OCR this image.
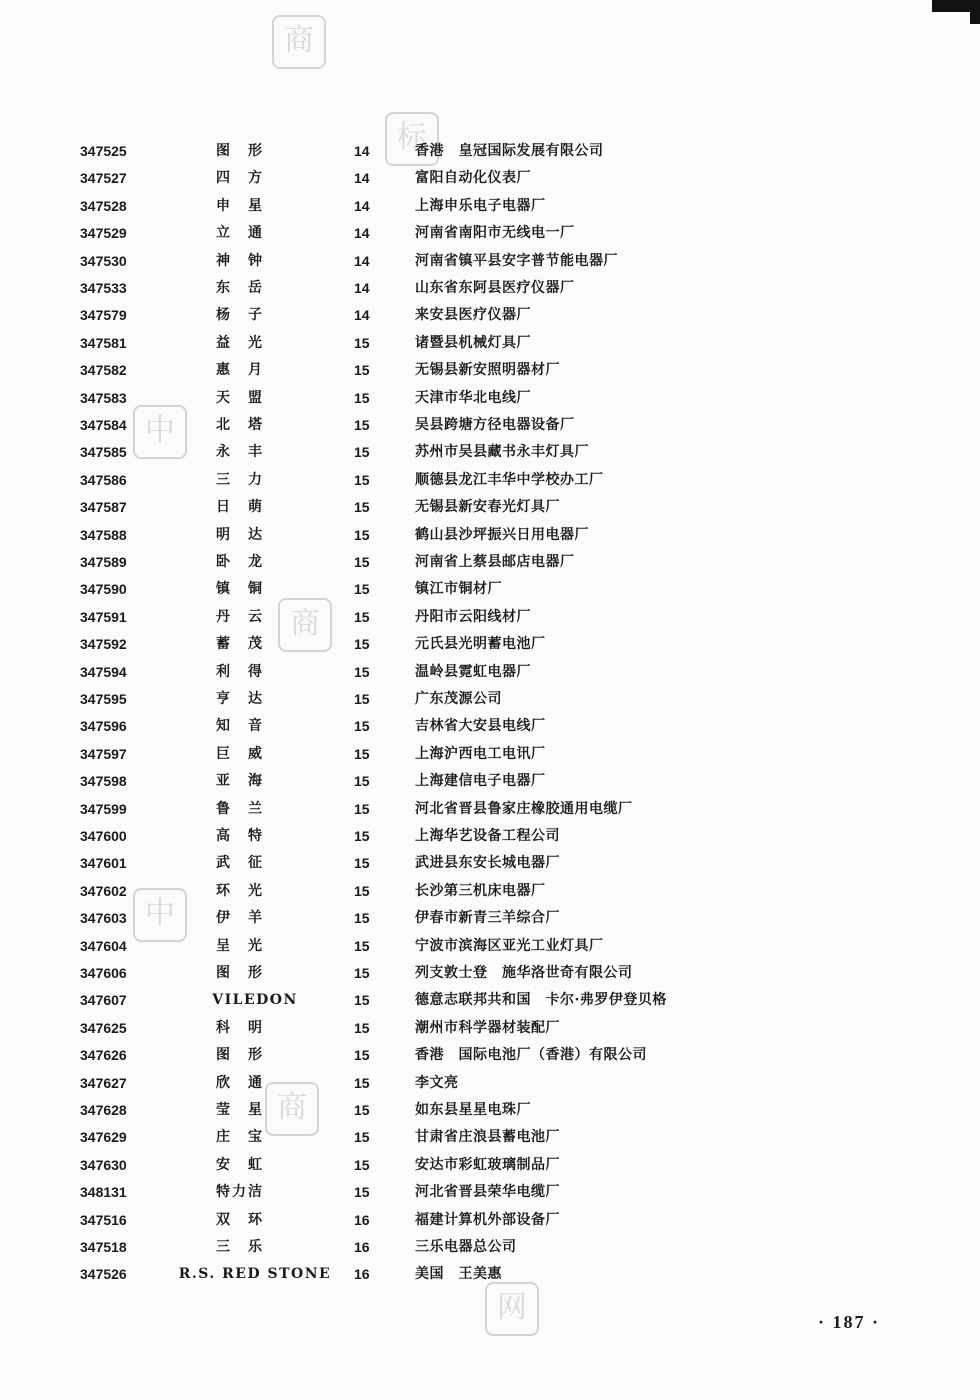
商
标
中
商
中
商
网
347525	图　形	14	香港　皇冠国际发展有限公司
347527	四　方	14	富阳自动化仪表厂
347528	申　星	14	上海申乐电子电器厂
347529	立　通	14	河南省南阳市无线电一厂
347530	神　钟	14	河南省镇平县安字普节能电器厂
347533	东　岳	14	山东省东阿县医疗仪器厂
347579	杨　子	14	来安县医疗仪器厂
347581	益　光	15	诸暨县机械灯具厂
347582	惠　月	15	无锡县新安照明器材厂
347583	天　盟	15	天津市华北电线厂
347584	北　塔	15	吴县跨塘方径电器设备厂
347585	永　丰	15	苏州市吴县藏书永丰灯具厂
347586	三　力	15	顺德县龙江丰华中学校办工厂
347587	日　萌	15	无锡县新安春光灯具厂
347588	明　达	15	鹤山县沙坪振兴日用电器厂
347589	卧　龙	15	河南省上蔡县邮店电器厂
347590	镇　铜	15	镇江市铜材厂
347591	丹　云	15	丹阳市云阳线材厂
347592	蓄　茂	15	元氏县光明蓄电池厂
347594	利　得	15	温岭县霓虹电器厂
347595	亨　达	15	广东茂源公司
347596	知　音	15	吉林省大安县电线厂
347597	巨　威	15	上海沪西电工电讯厂
347598	亚　海	15	上海建信电子电器厂
347599	鲁　兰	15	河北省晋县鲁家庄橡胶通用电缆厂
347600	高　特	15	上海华艺设备工程公司
347601	武　征	15	武进县东安长城电器厂
347602	环　光	15	长沙第三机床电器厂
347603	伊　羊	15	伊春市新青三羊综合厂
347604	呈　光	15	宁波市滨海区亚光工业灯具厂
347606	图　形	15	列支敦士登　施华洛世奇有限公司
347607	VILEDON	15	德意志联邦共和国　卡尔·弗罗伊登贝格
347625	科　明	15	潮州市科学器材装配厂
347626	图　形	15	香港　国际电池厂（香港）有限公司
347627	欣　通	15	李文亮
347628	莹　星	15	如东县星星电珠厂
347629	庄　宝	15	甘肃省庄浪县蓄电池厂
347630	安　虹	15	安达市彩虹玻璃制品厂
348131	特力洁	15	河北省晋县荣华电缆厂
347516	双　环	16	福建计算机外部设备厂
347518	三　乐	16	三乐电器总公司
347526	R.S. RED STONE	16	美国　王美惠
· 187 ·
